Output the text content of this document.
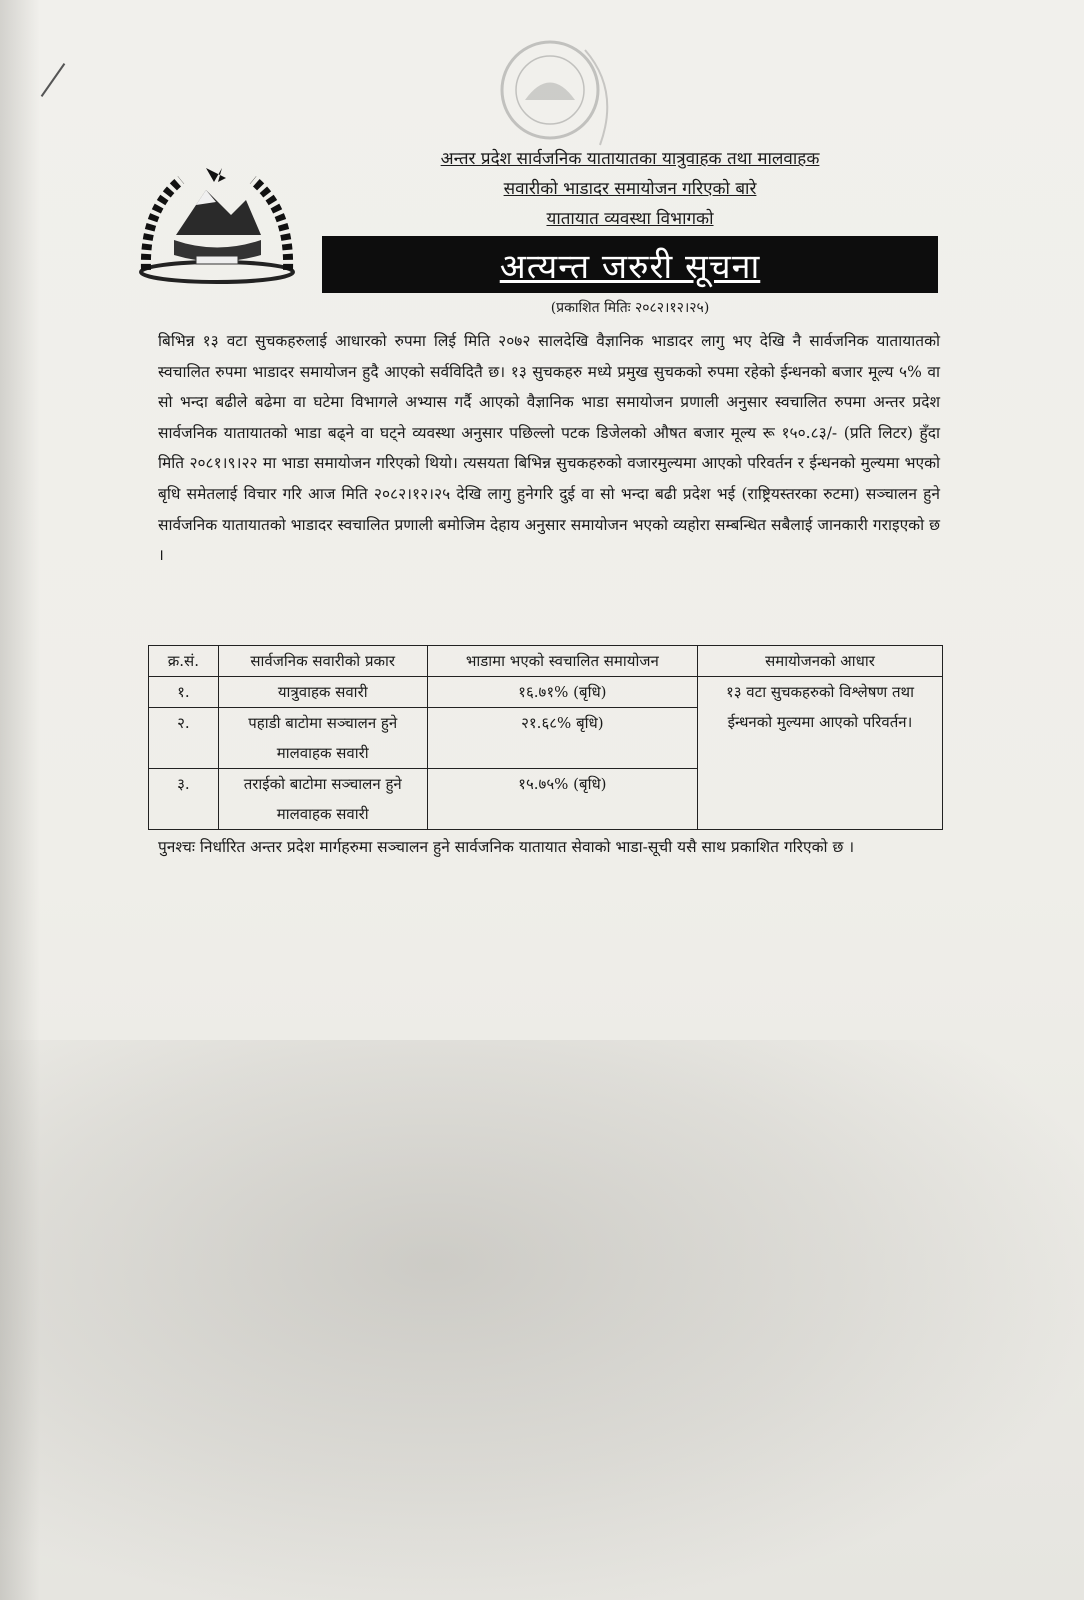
अन्तर प्रदेश सार्वजनिक यातायातका यात्रुवाहक तथा मालवाहक
सवारीको भाडादर समायोजन गरिएको बारे
यातायात व्यवस्था विभागको
अत्यन्त जरुरी सूचना
(प्रकाशित मितिः २०८२।१२।२५)

बिभिन्न १३ वटा सुचकहरुलाई आधारको रुपमा लिई मिति २०७२ सालदेखि वैज्ञानिक भाडादर लागु भए देखि नै सार्वजनिक यातायातको स्वचालित रुपमा भाडादर समायोजन हुदै आएको सर्वविदितै छ। १३ सुचकहरु मध्ये प्रमुख सुचकको रुपमा रहेको ईन्धनको बजार मूल्य ५% वा सो भन्दा बढीले बढेमा वा घटेमा विभागले अभ्यास गर्दै आएको वैज्ञानिक भाडा समायोजन प्रणाली अनुसार स्वचालित रुपमा अन्तर प्रदेश सार्वजनिक यातायातको भाडा बढ्ने वा घट्ने व्यवस्था अनुसार पछिल्लो पटक डिजेलको औषत बजार मूल्य रू १५०.८३/- (प्रति लिटर) हुँदा मिति २०८१।९।२२ मा भाडा समायोजन गरिएको थियो। त्यसयता बिभिन्न सुचकहरुको वजारमुल्यमा आएको परिवर्तन र ईन्धनको मुल्यमा भएको बृधि समेतलाई विचार गरि आज मिति २०८२।१२।२५ देखि लागु हुनेगरि दुई वा सो भन्दा बढी प्रदेश भई (राष्ट्रियस्तरका रुटमा) सञ्चालन हुने सार्वजनिक यातायातको भाडादर स्वचालित प्रणाली बमोजिम देहाय अनुसार समायोजन भएको व्यहोरा सम्बन्धित सबैलाई जानकारी गराइएको छ ।

क्र.सं.	सार्वजनिक सवारीको प्रकार	भाडामा भएको स्वचालित समायोजन	समायोजनको आधार
१.	यात्रुवाहक सवारी	१६.७१% (बृधि)	१३ वटा सुचकहरुको विश्लेषण तथा ईन्धनको मुल्यमा आएको परिवर्तन।
२.	पहाडी बाटोमा सञ्चालन हुने मालवाहक सवारी	२१.६८% बृधि)	
३.	तराईको बाटोमा सञ्चालन हुने मालवाहक सवारी	१५.७५% (बृधि)	
पुनश्चः निर्धारित अन्तर प्रदेश मार्गहरुमा सञ्चालन हुने सार्वजनिक यातायात सेवाको भाडा-सूची यसै साथ प्रकाशित गरिएको छ ।
